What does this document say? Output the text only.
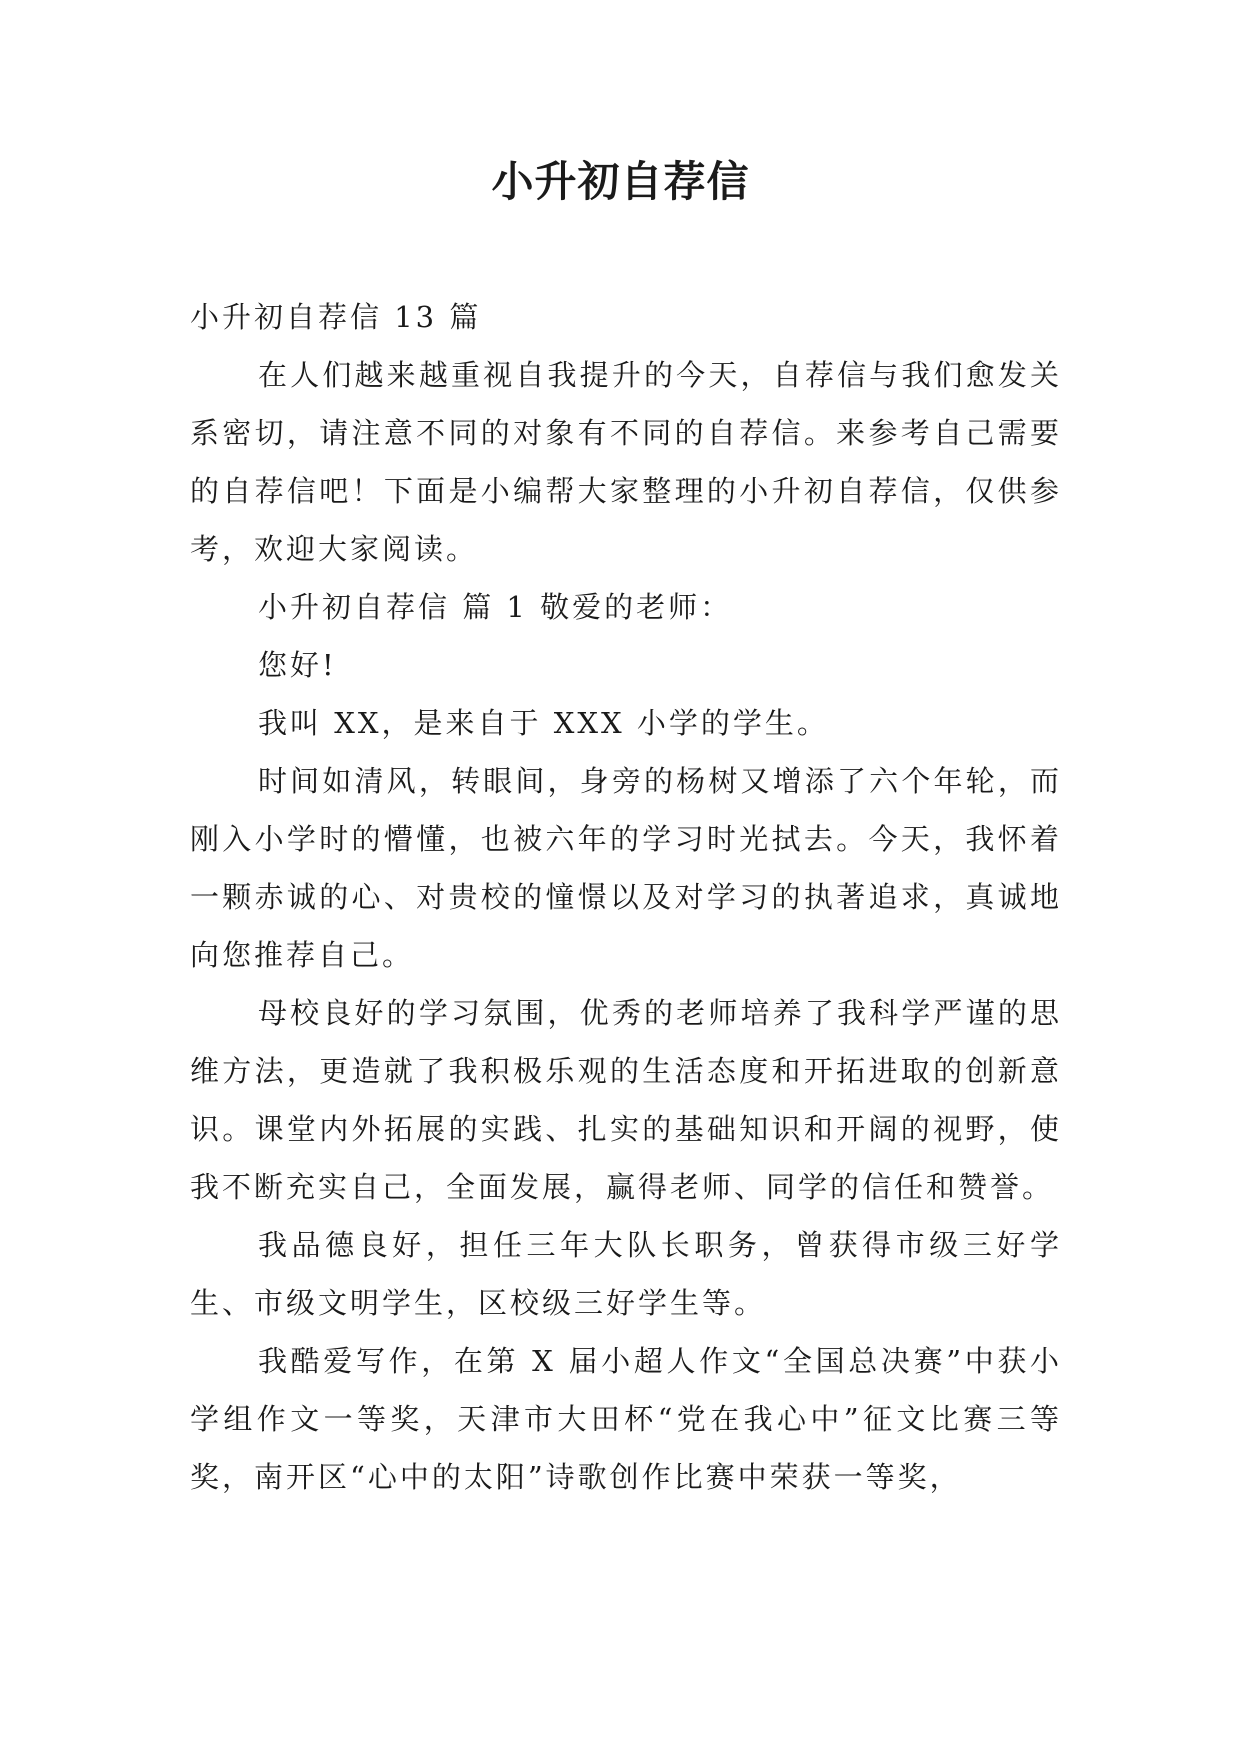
小升初自荐信

小升初自荐信 13 篇

在人们越来越重视自我提升的今天，自荐信与我们愈发关系密切，请注意不同的对象有不同的自荐信。来参考自己需要的自荐信吧！下面是小编帮大家整理的小升初自荐信，仅供参考，欢迎大家阅读。

小升初自荐信 篇 1 敬爱的老师：

您好!

我叫 XX，是来自于 XXX 小学的学生。

时间如清风，转眼间，身旁的杨树又增添了六个年轮，而刚入小学时的懵懂，也被六年的学习时光拭去。今天，我怀着一颗赤诚的心、对贵校的憧憬以及对学习的执著追求，真诚地向您推荐自己。

母校良好的学习氛围，优秀的老师培养了我科学严谨的思维方法，更造就了我积极乐观的生活态度和开拓进取的创新意识。课堂内外拓展的实践、扎实的基础知识和开阔的视野，使我不断充实自己，全面发展，赢得老师、同学的信任和赞誉。

我品德良好，担任三年大队长职务，曾获得市级三好学生、市级文明学生，区校级三好学生等。

我酷爱写作，在第 X 届小超人作文“全国总决赛”中获小学组作文一等奖，天津市大田杯“党在我心中”征文比赛三等奖，南开区“心中的太阳”诗歌创作比赛中荣获一等奖，
